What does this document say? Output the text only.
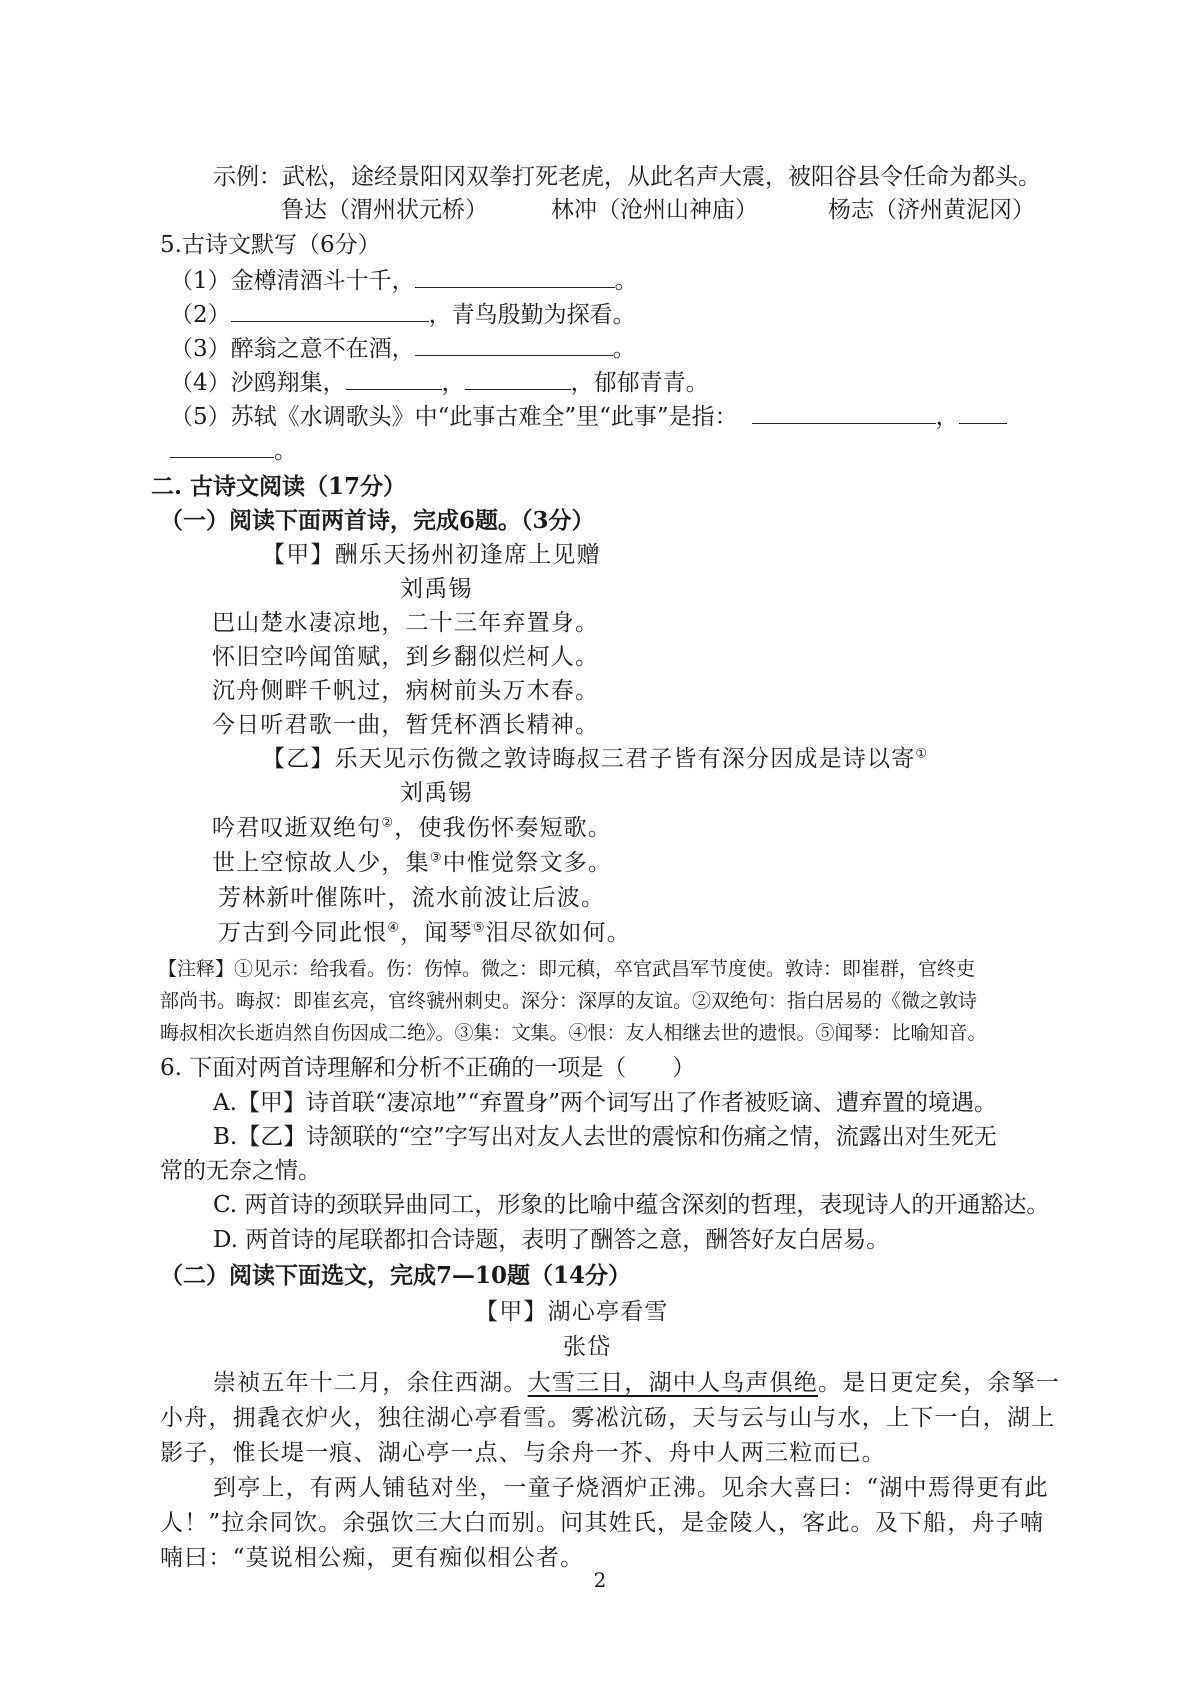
示例：武松，途经景阳冈双拳打死老虎，从此名声大震，被阳谷县令任命为都头。
鲁达（渭州状元桥）	林冲（沧州山神庙）	杨志（济州黄泥冈）
5.古诗文默写（6分）
（1）金樽清酒斗十千，	。
（2）	，青鸟殷勤为探看。
（3）醉翁之意不在酒，	。
（4）沙鸥翔集，	，	，郁郁青青。
（5）苏轼《水调歌头》中“此事古难全”里“此事”是指：	，
。
二. 古诗文阅读（17分）
（一）阅读下面两首诗，完成6题。（3分）
【甲】酬乐天扬州初逢席上见赠
刘禹锡
巴山楚水凄凉地，二十三年弃置身。
怀旧空吟闻笛赋，到乡翻似烂柯人。
沉舟侧畔千帆过，病树前头万木春。
今日听君歌一曲，暂凭杯酒长精神。
【乙】乐天见示伤微之敦诗晦叔三君子皆有深分因成是诗以寄①
刘禹锡
吟君叹逝双绝句②，使我伤怀奏短歌。
世上空惊故人少，集③中惟觉祭文多。
芳林新叶催陈叶，流水前波让后波。
万古到今同此恨④，闻琴⑤泪尽欲如何。
【注释】①见示：给我看。伤：伤悼。微之：即元稹，卒官武昌军节度使。敦诗：即崔群，官终吏
部尚书。晦叔：即崔玄亮，官终虢州刺史。深分：深厚的友谊。②双绝句：指白居易的《微之敦诗
晦叔相次长逝岿然自伤因成二绝》。③集：文集。④恨：友人相继去世的遗恨。⑤闻琴：比喻知音。
6. 下面对两首诗理解和分析不正确的一项是（　　）
A.【甲】诗首联“凄凉地”“弃置身”两个词写出了作者被贬谪、遭弃置的境遇。
B.【乙】诗颔联的“空”字写出对友人去世的震惊和伤痛之情，流露出对生死无
常的无奈之情。
C. 两首诗的颈联异曲同工，形象的比喻中蕴含深刻的哲理，表现诗人的开通豁达。
D. 两首诗的尾联都扣合诗题，表明了酬答之意，酬答好友白居易。
（二）阅读下面选文，完成7—10题（14分）
【甲】湖心亭看雪
张岱
崇祯五年十二月，余住西湖。大雪三日，湖中人鸟声俱绝。是日更定矣，余拏一
小舟，拥毳衣炉火，独往湖心亭看雪。雾凇沆砀，天与云与山与水，上下一白，湖上
影子，惟长堤一痕、湖心亭一点、与余舟一芥、舟中人两三粒而已。
到亭上，有两人铺毡对坐，一童子烧酒炉正沸。见余大喜曰：“湖中焉得更有此
人！”拉余同饮。余强饮三大白而别。问其姓氏，是金陵人，客此。及下船，舟子喃
喃曰：“莫说相公痴，更有痴似相公者。
2
